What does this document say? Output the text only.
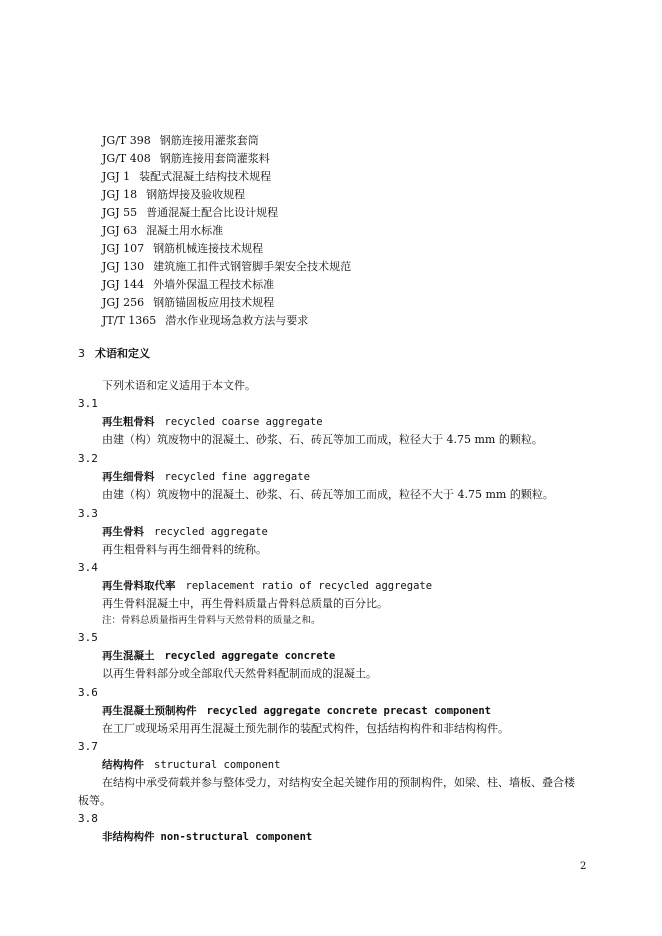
JG/T 398 钢筋连接用灌浆套筒
JG/T 408 钢筋连接用套筒灌浆料
JGJ 1 装配式混凝土结构技术规程
JGJ 18 钢筋焊接及验收规程
JGJ 55 普通混凝土配合比设计规程
JGJ 63 混凝土用水标准
JGJ 107 钢筋机械连接技术规程
JGJ 130 建筑施工扣件式钢管脚手架安全技术规范
JGJ 144 外墙外保温工程技术标准
JGJ 256 钢筋锚固板应用技术规程
JT/T 1365 潜水作业现场急救方法与要求
3 术语和定义
下列术语和定义适用于本文件。
3.1
再生粗骨料 recycled coarse aggregate
由建（构）筑废物中的混凝土、砂浆、石、砖瓦等加工而成，粒径大于 4.75 mm 的颗粒。
3.2
再生细骨料 recycled fine aggregate
由建（构）筑废物中的混凝土、砂浆、石、砖瓦等加工而成，粒径不大于 4.75 mm 的颗粒。
3.3
再生骨料 recycled aggregate
再生粗骨料与再生细骨料的统称。
3.4
再生骨料取代率 replacement ratio of recycled aggregate
再生骨料混凝土中，再生骨料质量占骨料总质量的百分比。
注：骨料总质量指再生骨料与天然骨料的质量之和。
3.5
再生混凝土 recycled aggregate concrete
以再生骨料部分或全部取代天然骨料配制而成的混凝土。
3.6
再生混凝土预制构件 recycled aggregate concrete precast component
在工厂或现场采用再生混凝土预先制作的装配式构件，包括结构构件和非结构构件。
3.7
结构构件 structural component
在结构中承受荷载并参与整体受力，对结构安全起关键作用的预制构件，如梁、柱、墙板、叠合楼
板等。
3.8
非结构构件 non-structural component
2
